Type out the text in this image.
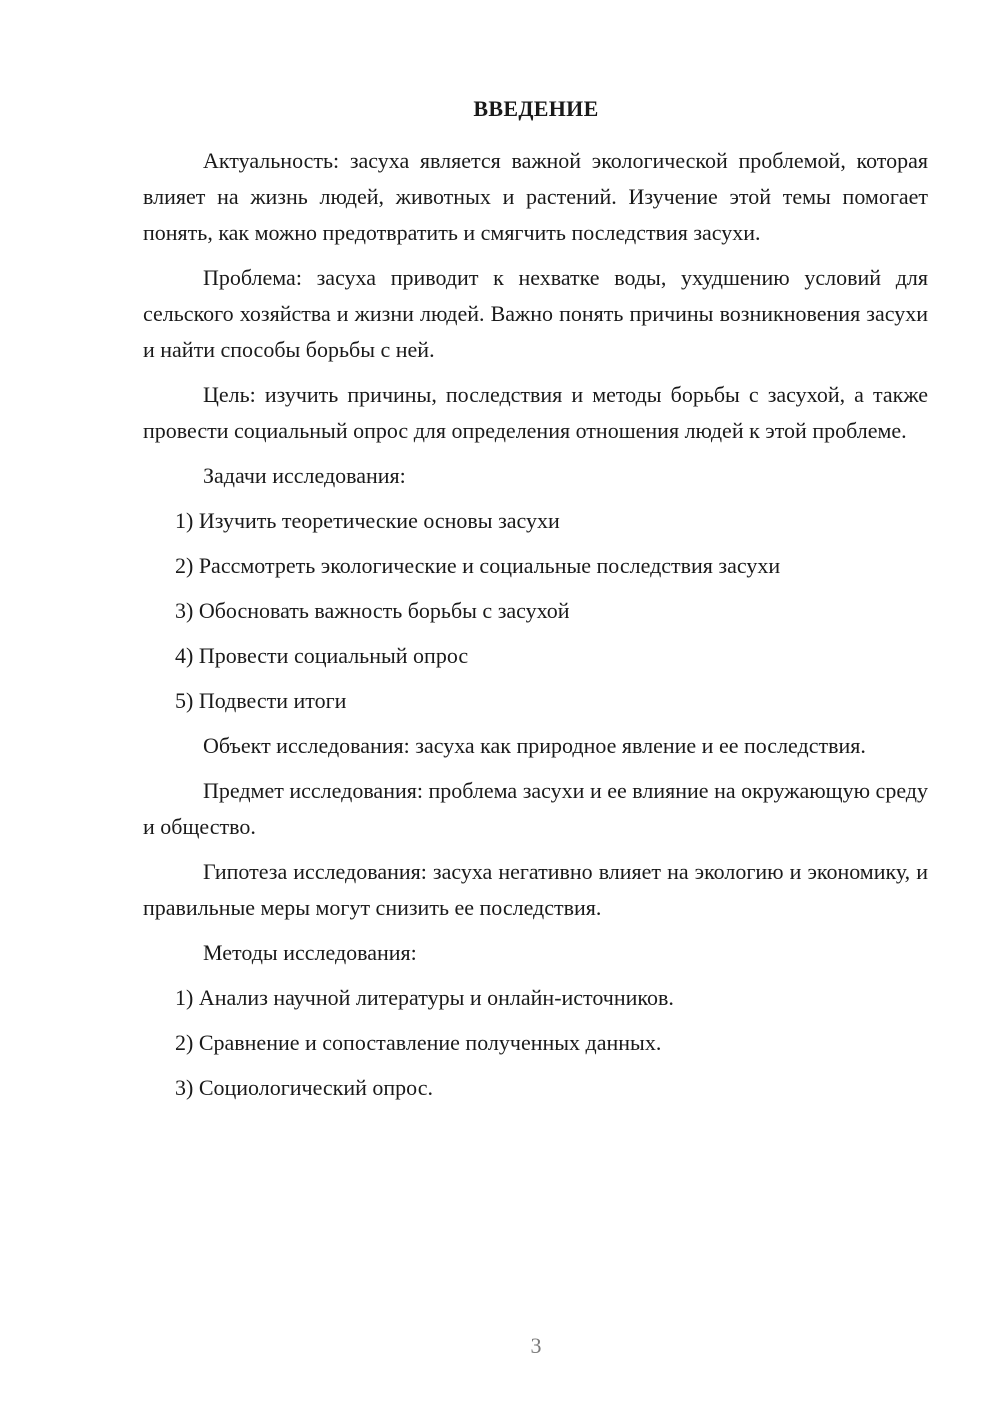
ВВЕДЕНИЕ

Актуальность: засуха является важной экологической проблемой, которая влияет на жизнь людей, животных и растений. Изучение этой темы помогает понять, как можно предотвратить и смягчить последствия засухи.

Проблема: засуха приводит к нехватке воды, ухудшению условий для сельского хозяйства и жизни людей. Важно понять причины возникновения засухи и найти способы борьбы с ней.

Цель: изучить причины, последствия и методы борьбы с засухой, а также провести социальный опрос для определения отношения людей к этой проблеме.

Задачи исследования:

1) Изучить теоретические основы засухи
2) Рассмотреть экологические и социальные последствия засухи
3) Обосновать важность борьбы с засухой
4) Провести социальный опрос
5) Подвести итоги

Объект исследования: засуха как природное явление и ее последствия.

Предмет исследования: проблема засухи и ее влияние на окружающую среду и общество.

Гипотеза исследования: засуха негативно влияет на экологию и экономику, и правильные меры могут снизить ее последствия.

Методы исследования:

1) Анализ научной литературы и онлайн-источников.
2) Сравнение и сопоставление полученных данных.
3) Социологический опрос.
3
